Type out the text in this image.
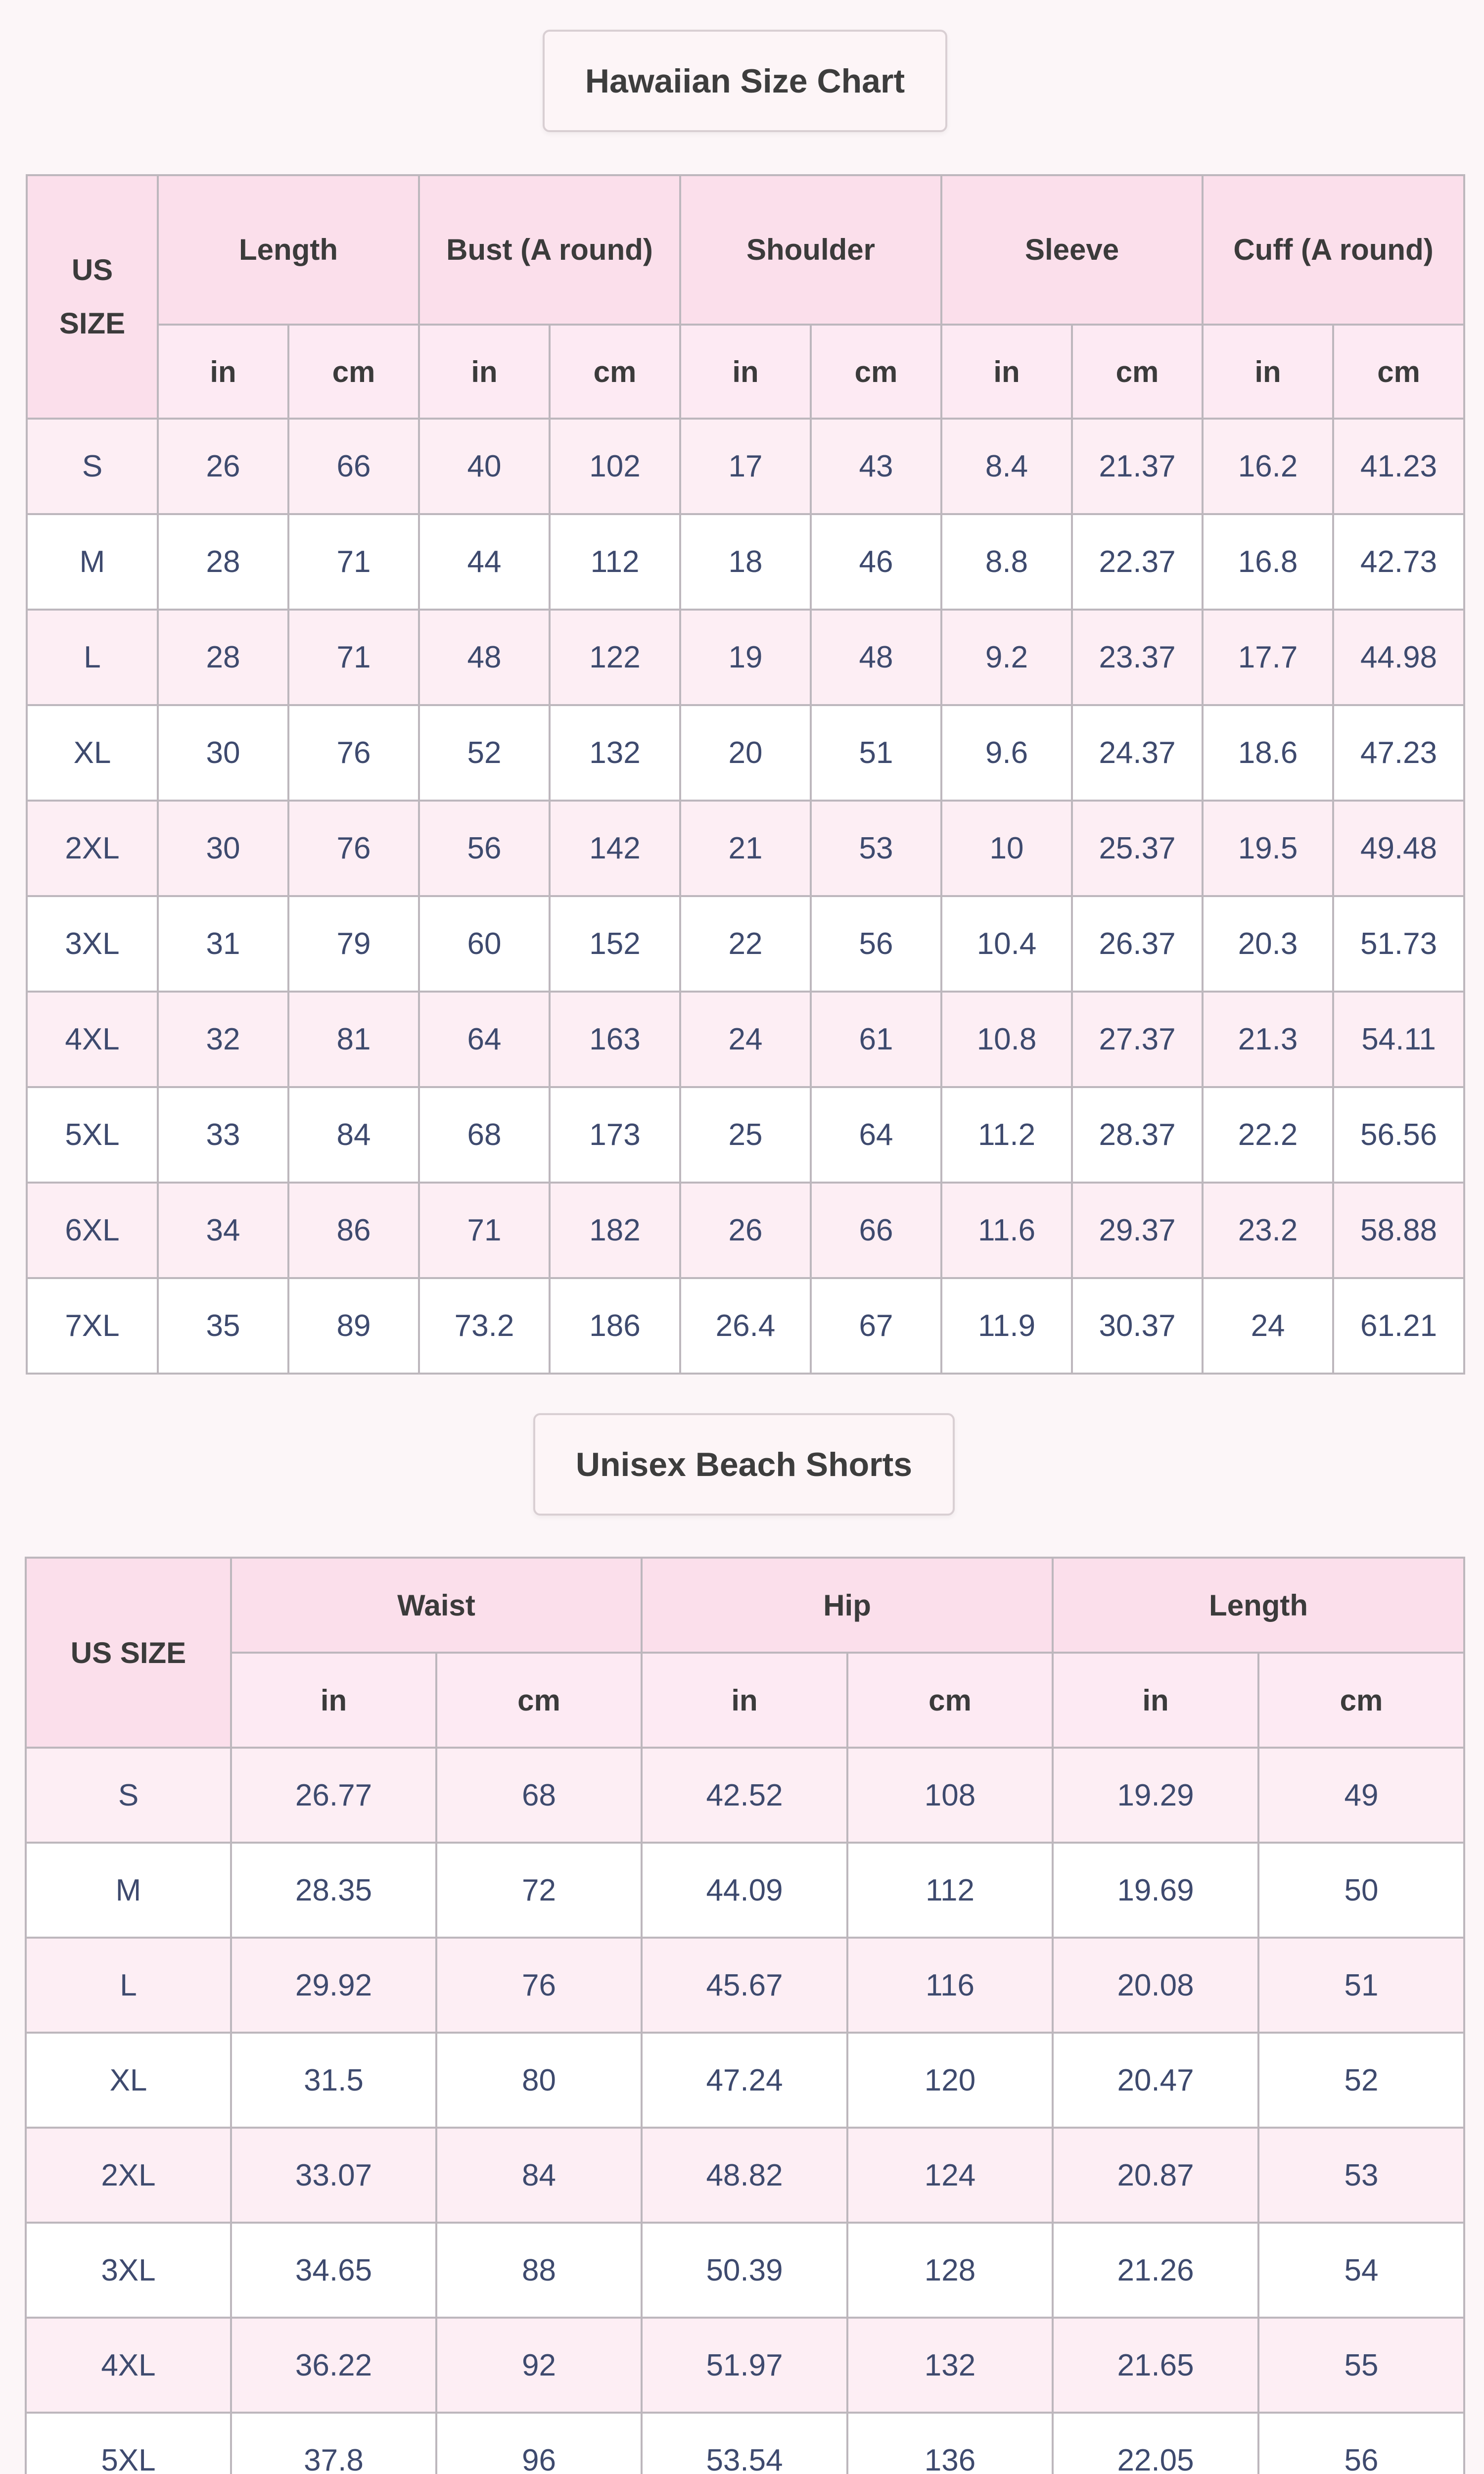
Hawaiian Size Chart
US SIZE	Length		Bust (A round)		Shoulder		Sleeve		Cuff (A round)	
	in	cm	in	cm	in	cm	in	cm	in	cm
S	26	66	40	102	17	43	8.4	21.37	16.2	41.23
M	28	71	44	112	18	46	8.8	22.37	16.8	42.73
L	28	71	48	122	19	48	9.2	23.37	17.7	44.98
XL	30	76	52	132	20	51	9.6	24.37	18.6	47.23
2XL	30	76	56	142	21	53	10	25.37	19.5	49.48
3XL	31	79	60	152	22	56	10.4	26.37	20.3	51.73
4XL	32	81	64	163	24	61	10.8	27.37	21.3	54.11
5XL	33	84	68	173	25	64	11.2	28.37	22.2	56.56
6XL	34	86	71	182	26	66	11.6	29.37	23.2	58.88
7XL	35	89	73.2	186	26.4	67	11.9	30.37	24	61.21
Unisex Beach Shorts
US SIZE	Waist		Hip		Length	
	in	cm	in	cm	in	cm
S	26.77	68	42.52	108	19.29	49
M	28.35	72	44.09	112	19.69	50
L	29.92	76	45.67	116	20.08	51
XL	31.5	80	47.24	120	20.47	52
2XL	33.07	84	48.82	124	20.87	53
3XL	34.65	88	50.39	128	21.26	54
4XL	36.22	92	51.97	132	21.65	55
5XL	37.8	96	53.54	136	22.05	56
